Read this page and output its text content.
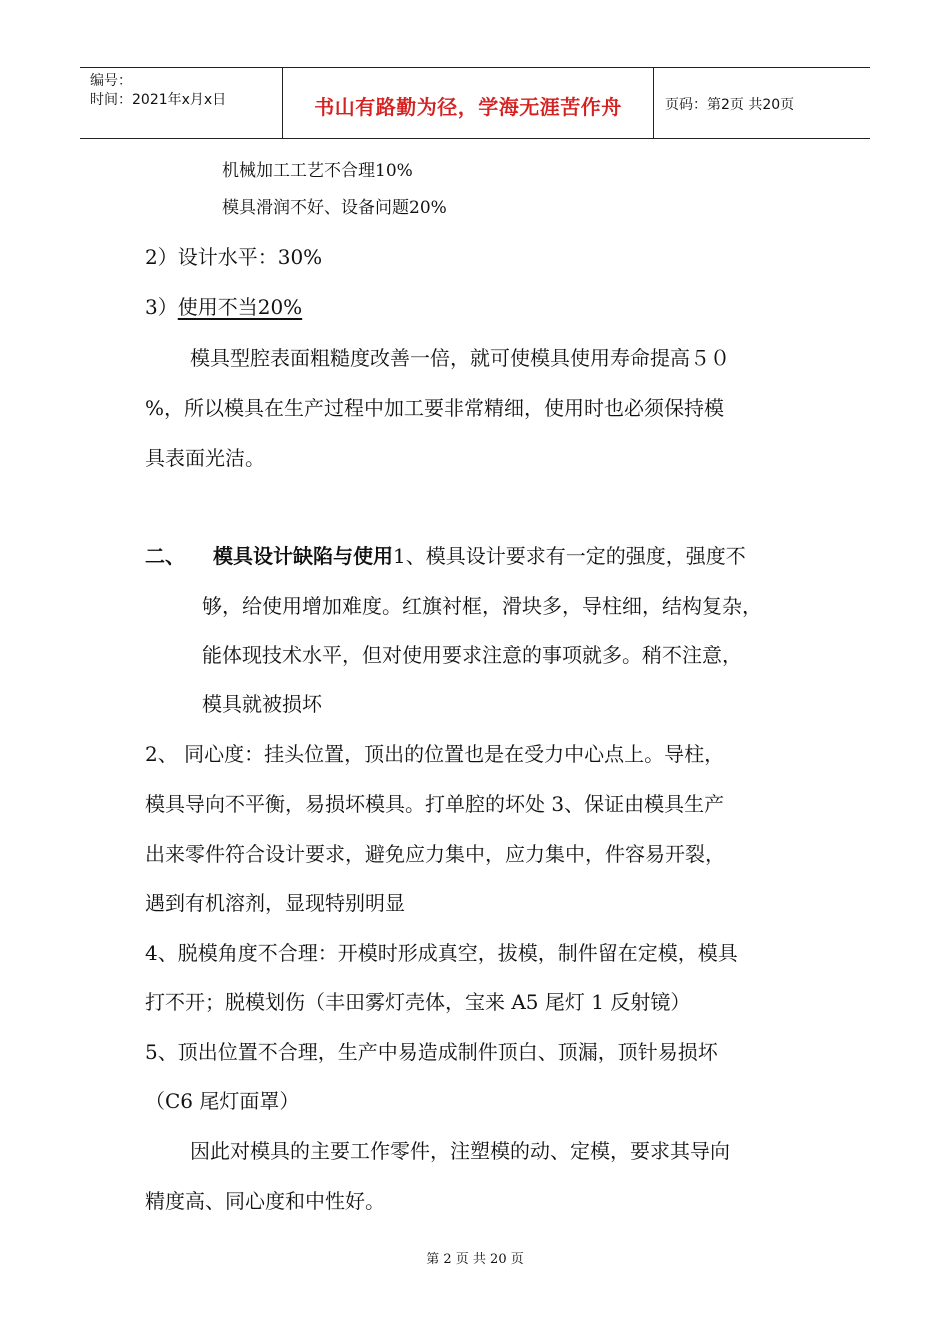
编号：
时间：2021年x月x日	书山有路勤为径，学海无涯苦作舟	页码：第2页 共20页
机械加工工艺不合理10%
模具滑润不好、设备问题20%
2）设计水平：30%
3）使用不当20%
模具型腔表面粗糙度改善一倍，就可使模具使用寿命提高５０
%，所以模具在生产过程中加工要非常精细，使用时也必须保持模
具表面光洁。
二、 模具设计缺陷与使用1、模具设计要求有一定的强度，强度不
够，给使用增加难度。红旗衬框，滑块多，导柱细，结构复杂，
能体现技术水平，但对使用要求注意的事项就多。稍不注意，
模具就被损坏
2、 同心度：挂头位置，顶出的位置也是在受力中心点上。导柱，
模具导向不平衡，易损坏模具。打单腔的坏处 3、保证由模具生产
出来零件符合设计要求，避免应力集中，应力集中，件容易开裂，
遇到有机溶剂，显现特别明显
4、脱模角度不合理：开模时形成真空，拔模，制件留在定模，模具
打不开；脱模划伤（丰田雾灯壳体，宝来 A5 尾灯 1 反射镜）
5、顶出位置不合理，生产中易造成制件顶白、顶漏，顶针易损坏
（C6 尾灯面罩）
因此对模具的主要工作零件，注塑模的动、定模，要求其导向
精度高、同心度和中性好。
第 2 页 共 20 页
